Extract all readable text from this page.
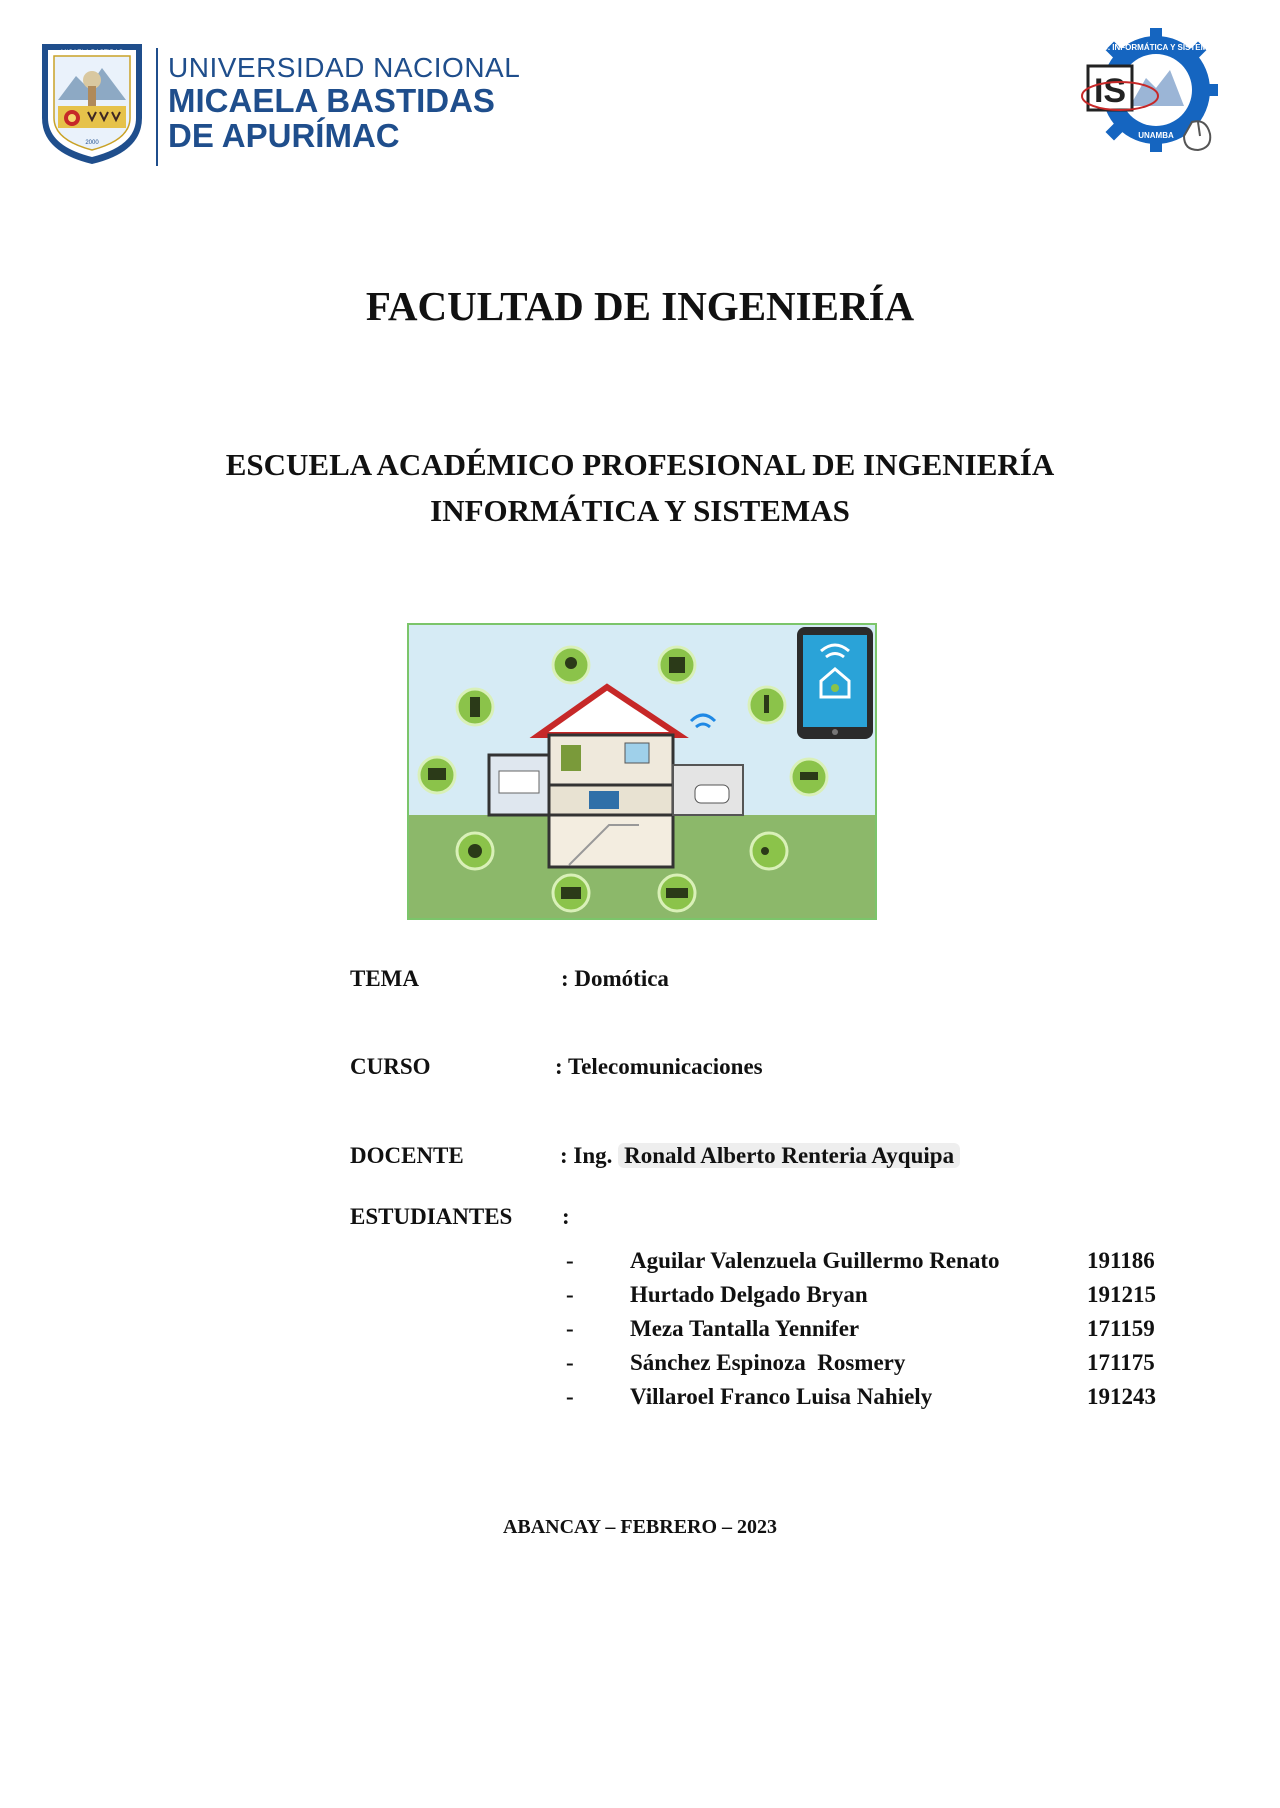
MICAELA BASTIDAS
2000
UNIVERSIDAD NACIONAL
MICAELA BASTIDAS
DE APURÍMAC
ING. INFORMÁTICA Y SISTEMAS
UNAMBA
IS
FACULTAD DE INGENIERÍA
ESCUELA ACADÉMICO PROFESIONAL DE INGENIERÍA
INFORMÁTICA Y SISTEMAS
TEMA	: Domótica
CURSO	: Telecomunicaciones
DOCENTE	: Ing. Ronald Alberto Renteria Ayquipa
ESTUDIANTES :
- Aguilar Valenzuela Guillermo Renato	191186
- Hurtado Delgado Bryan	191215
- Meza Tantalla Yennifer	171159
- Sánchez Espinoza  Rosmery	171175
- Villaroel Franco Luisa Nahiely	191243
ABANCAY – FEBRERO – 2023
